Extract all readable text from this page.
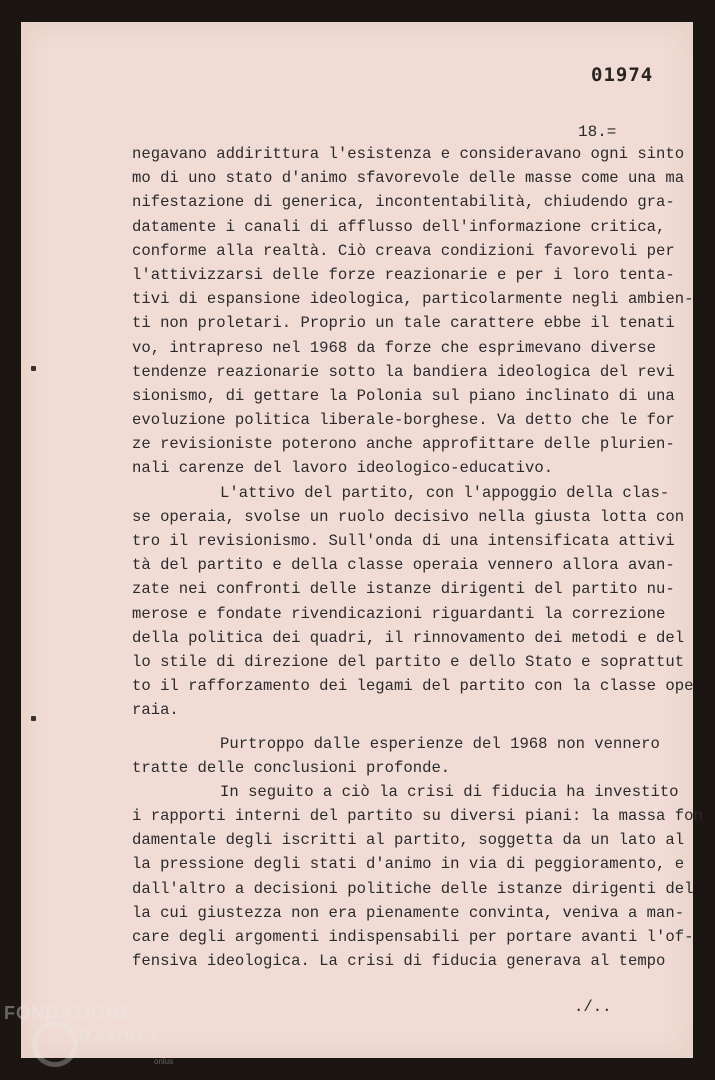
01974
18.=
negavano addirittura l'esistenza e consideravano ogni sinto
mo di uno stato d'animo sfavorevole delle masse come una ma
nifestazione di generica, incontentabilità, chiudendo gra-
datamente i canali di afflusso dell'informazione critica,
conforme alla realtà. Ciò creava condizioni favorevoli per
l'attivizzarsi delle forze reazionarie e per i loro tenta-
tivi di espansione ideologica, particolarmente negli ambien-
ti non proletari. Proprio un tale carattere ebbe il tenati
vo, intrapreso nel 1968 da forze che esprimevano diverse
tendenze reazionarie sotto la bandiera ideologica del revi
sionismo, di gettare la Polonia sul piano inclinato di una
evoluzione politica liberale-borghese. Va detto che le for
ze revisioniste poterono anche approfittare delle plurien-
nali carenze del lavoro ideologico-educativo.
L'attivo del partito, con l'appoggio della clas-
se operaia, svolse un ruolo decisivo nella giusta lotta con
tro il revisionismo. Sull'onda di una intensificata attivi
tà del partito e della classe operaia vennero allora avan-
zate nei confronti delle istanze dirigenti del partito nu-
merose e fondate rivendicazioni riguardanti la correzione
della politica dei quadri, il rinnovamento dei metodi e del
lo stile di direzione del partito e dello Stato e soprattut
to il rafforzamento dei legami del partito con la classe ope
raia.
Purtroppo dalle esperienze del 1968 non vennero
tratte delle conclusioni profonde.
In seguito a ciò la crisi di fiducia ha investito
i rapporti interni del partito su diversi piani: la massa fon
damentale degli iscritti al partito, soggetta da un lato al
la pressione degli stati d'animo in via di peggioramento, e
dall'altro a decisioni politiche delle istanze dirigenti del
la cui giustezza non era pienamente convinta, veniva a man-
care degli argomenti indispensabili per portare avanti l'of-
fensiva ideologica. La crisi di fiducia generava al tempo
./..
FONDAZIONE
RAMSCI
onlus
